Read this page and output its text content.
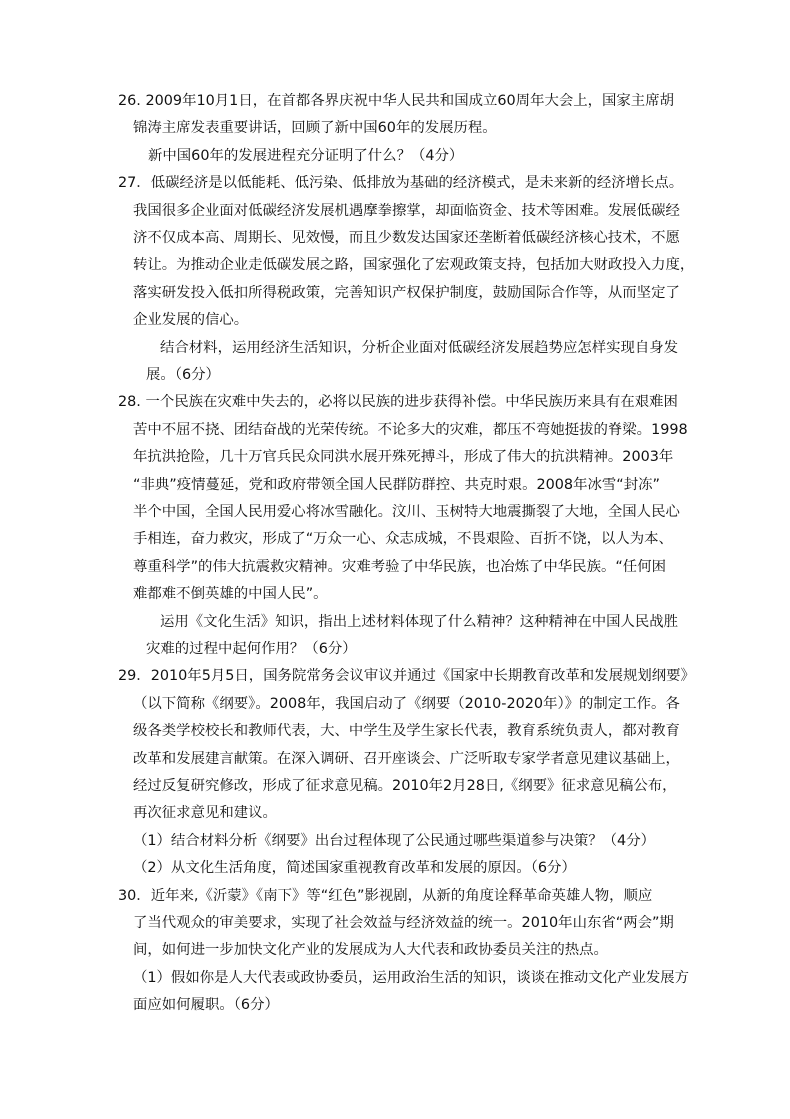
26. 2009年10月1日，在首都各界庆祝中华人民共和国成立60周年大会上，国家主席胡
锦涛主席发表重要讲话，回顾了新中国60年的发展历程。
新中国60年的发展进程充分证明了什么？（4分）
27．低碳经济是以低能耗、低污染、低排放为基础的经济模式，是未来新的经济增长点。
我国很多企业面对低碳经济发展机遇摩拳擦掌，却面临资金、技术等困难。发展低碳经
济不仅成本高、周期长、见效慢，而且少数发达国家还垄断着低碳经济核心技术，不愿
转让。为推动企业走低碳发展之路，国家强化了宏观政策支持，包括加大财政投入力度，
落实研发投入低扣所得税政策，完善知识产权保护制度，鼓励国际合作等，从而坚定了
企业发展的信心。
结合材料，运用经济生活知识，分析企业面对低碳经济发展趋势应怎样实现自身发
展。（6分）
28. 一个民族在灾难中失去的，必将以民族的进步获得补偿。中华民族历来具有在艰难困
苦中不屈不挠、团结奋战的光荣传统。不论多大的灾难，都压不弯她挺拔的脊梁。1998
年抗洪抢险，几十万官兵民众同洪水展开殊死搏斗，形成了伟大的抗洪精神。2003年
“非典”疫情蔓延，党和政府带领全国人民群防群控、共克时艰。2008年冰雪“封冻”
半个中国，全国人民用爱心将冰雪融化。汶川、玉树特大地震撕裂了大地，全国人民心
手相连，奋力救灾，形成了“万众一心、众志成城，不畏艰险、百折不饶，以人为本、
尊重科学”的伟大抗震救灾精神。灾难考验了中华民族，也冶炼了中华民族。“任何困
难都难不倒英雄的中国人民”。
运用《文化生活》知识，指出上述材料体现了什么精神？这种精神在中国人民战胜
灾难的过程中起何作用？（6分）
29．2010年5月5日，国务院常务会议审议并通过《国家中长期教育改革和发展规划纲要》
（以下简称《纲要》。2008年，我国启动了《纲要（2010-2020年）》的制定工作。各
级各类学校校长和教师代表，大、中学生及学生家长代表，教育系统负责人，都对教育
改革和发展建言献策。在深入调研、召开座谈会、广泛听取专家学者意见建议基础上，
经过反复研究修改，形成了征求意见稿。2010年2月28日,《纲要》征求意见稿公布，
再次征求意见和建议。
（1）结合材料分析《纲要》出台过程体现了公民通过哪些渠道参与决策？（4分）
（2）从文化生活角度，简述国家重视教育改革和发展的原因。（6分）
30．近年来,《沂蒙》《南下》等“红色”影视剧，从新的角度诠释革命英雄人物，顺应
了当代观众的审美要求，实现了社会效益与经济效益的统一。2010年山东省“两会”期
间，如何进一步加快文化产业的发展成为人大代表和政协委员关注的热点。
（1）假如你是人大代表或政协委员，运用政治生活的知识，谈谈在推动文化产业发展方
面应如何履职。（6分）
